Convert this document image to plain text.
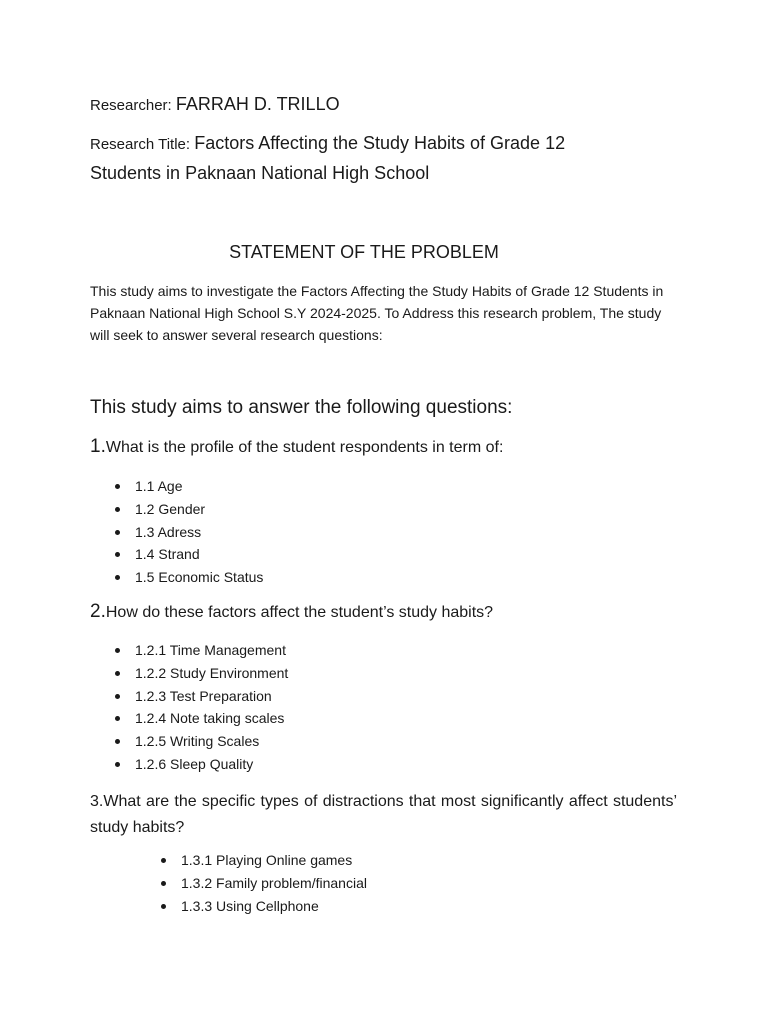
Researcher: FARRAH D. TRILLO
Research Title: Factors Affecting the Study Habits of Grade 12
Students in Paknaan National High School
STATEMENT OF THE PROBLEM
This study aims to investigate the Factors Affecting the Study Habits of Grade 12 Students in Paknaan National High School S.Y 2024-2025. To Address this research problem, The study will seek to answer several research questions:
This study aims to answer the following questions:
1.What is the profile of the student respondents in term of:
1.1 Age
1.2 Gender
1.3 Adress
1.4 Strand
1.5 Economic Status
2.How do these factors affect the student’s study habits?
1.2.1 Time Management
1.2.2 Study Environment
1.2.3 Test Preparation
1.2.4 Note taking scales
1.2.5 Writing Scales
1.2.6 Sleep Quality
3.What are the specific types of distractions that most significantly affect students’ study habits?
1.3.1 Playing Online games
1.3.2 Family problem/financial
1.3.3 Using Cellphone
